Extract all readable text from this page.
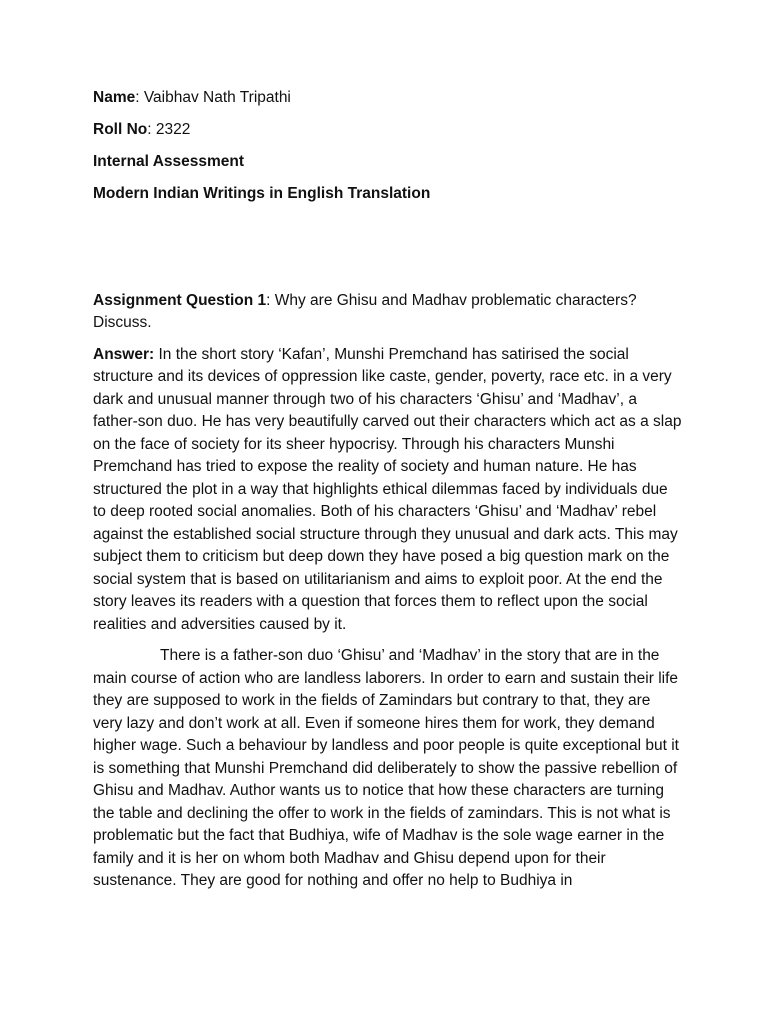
Name: Vaibhav Nath Tripathi

Roll No: 2322

Internal Assessment

Modern Indian Writings in English Translation

Assignment Question 1: Why are Ghisu and Madhav problematic characters? Discuss.

Answer: In the short story ‘Kafan’, Munshi Premchand has satirised the social structure and its devices of oppression like caste, gender, poverty, race etc. in a very dark and unusual manner through two of his characters ‘Ghisu’ and ‘Madhav’, a father-son duo. He has very beautifully carved out their characters which act as a slap on the face of society for its sheer hypocrisy. Through his characters Munshi Premchand has tried to expose the reality of society and human nature. He has structured the plot in a way that highlights ethical dilemmas faced by individuals due to deep rooted social anomalies. Both of his characters ‘Ghisu’ and ‘Madhav’ rebel against the established social structure through they unusual and dark acts. This may subject them to criticism but deep down they have posed a big question mark on the social system that is based on utilitarianism and aims to exploit poor. At the end the story leaves its readers with a question that forces them to reflect upon the social realities and adversities caused by it.

There is a father-son duo ‘Ghisu’ and ‘Madhav’ in the story that are in the main course of action who are landless laborers. In order to earn and sustain their life they are supposed to work in the fields of Zamindars but contrary to that, they are very lazy and don’t work at all. Even if someone hires them for work, they demand higher wage. Such a behaviour by landless and poor people is quite exceptional but it is something that Munshi Premchand did deliberately to show the passive rebellion of Ghisu and Madhav. Author wants us to notice that how these characters are turning the table and declining the offer to work in the fields of zamindars. This is not what is problematic but the fact that Budhiya, wife of Madhav is the sole wage earner in the family and it is her on whom both Madhav and Ghisu depend upon for their sustenance. They are good for nothing and offer no help to Budhiya in
